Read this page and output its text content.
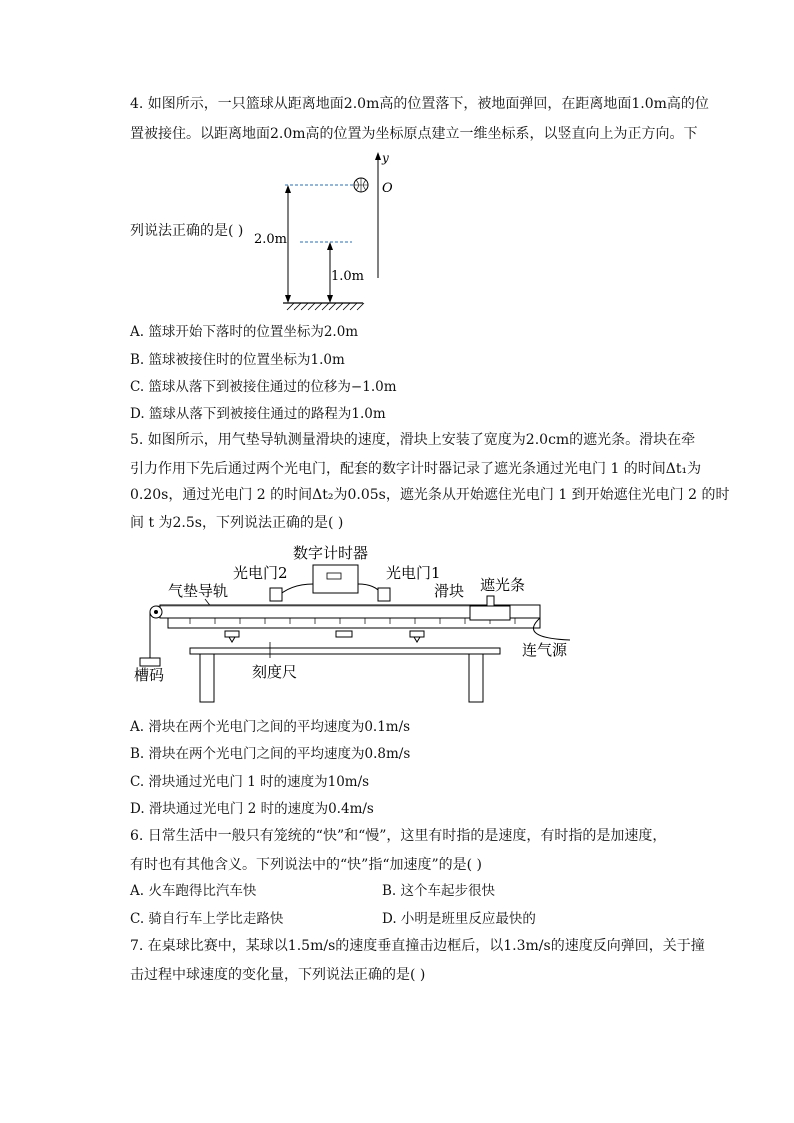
4. 如图所示，一只篮球从距离地面2.0m高的位置落下，被地面弹回，在距离地面1.0m高的位
置被接住。以距离地面2.0m高的位置为坐标原点建立一维坐标系，以竖直向上为正方向。下
列说法正确的是( )
y
O
2.0m
1.0m
A. 篮球开始下落时的位置坐标为2.0m
B. 篮球被接住时的位置坐标为1.0m
C. 篮球从落下到被接住通过的位移为−1.0m
D. 篮球从落下到被接住通过的路程为1.0m
5. 如图所示，用气垫导轨测量滑块的速度，滑块上安装了宽度为2.0cm的遮光条。滑块在牵
引力作用下先后通过两个光电门，配套的数字计时器记录了遮光条通过光电门 1 的时间Δt₁为
0.20s，通过光电门 2 的时间Δt₂为0.05s，遮光条从开始遮住光电门 1 到开始遮住光电门 2 的时
间 t 为2.5s，下列说法正确的是( )
数字计时器
光电门2	光电门1
气垫导轨	滑块 遮光条
槽码
连气源
刻度尺
A. 滑块在两个光电门之间的平均速度为0.1m/s
B. 滑块在两个光电门之间的平均速度为0.8m/s
C. 滑块通过光电门 1 时的速度为10m/s
D. 滑块通过光电门 2 时的速度为0.4m/s
6. 日常生活中一般只有笼统的“快”和“慢”，这里有时指的是速度，有时指的是加速度，
有时也有其他含义。下列说法中的“快”指“加速度”的是( )
A. 火车跑得比汽车快	B. 这个车起步很快
C. 骑自行车上学比走路快	D. 小明是班里反应最快的
7. 在桌球比赛中，某球以1.5m/s的速度垂直撞击边框后，以1.3m/s的速度反向弹回，关于撞
击过程中球速度的变化量，下列说法正确的是( )
